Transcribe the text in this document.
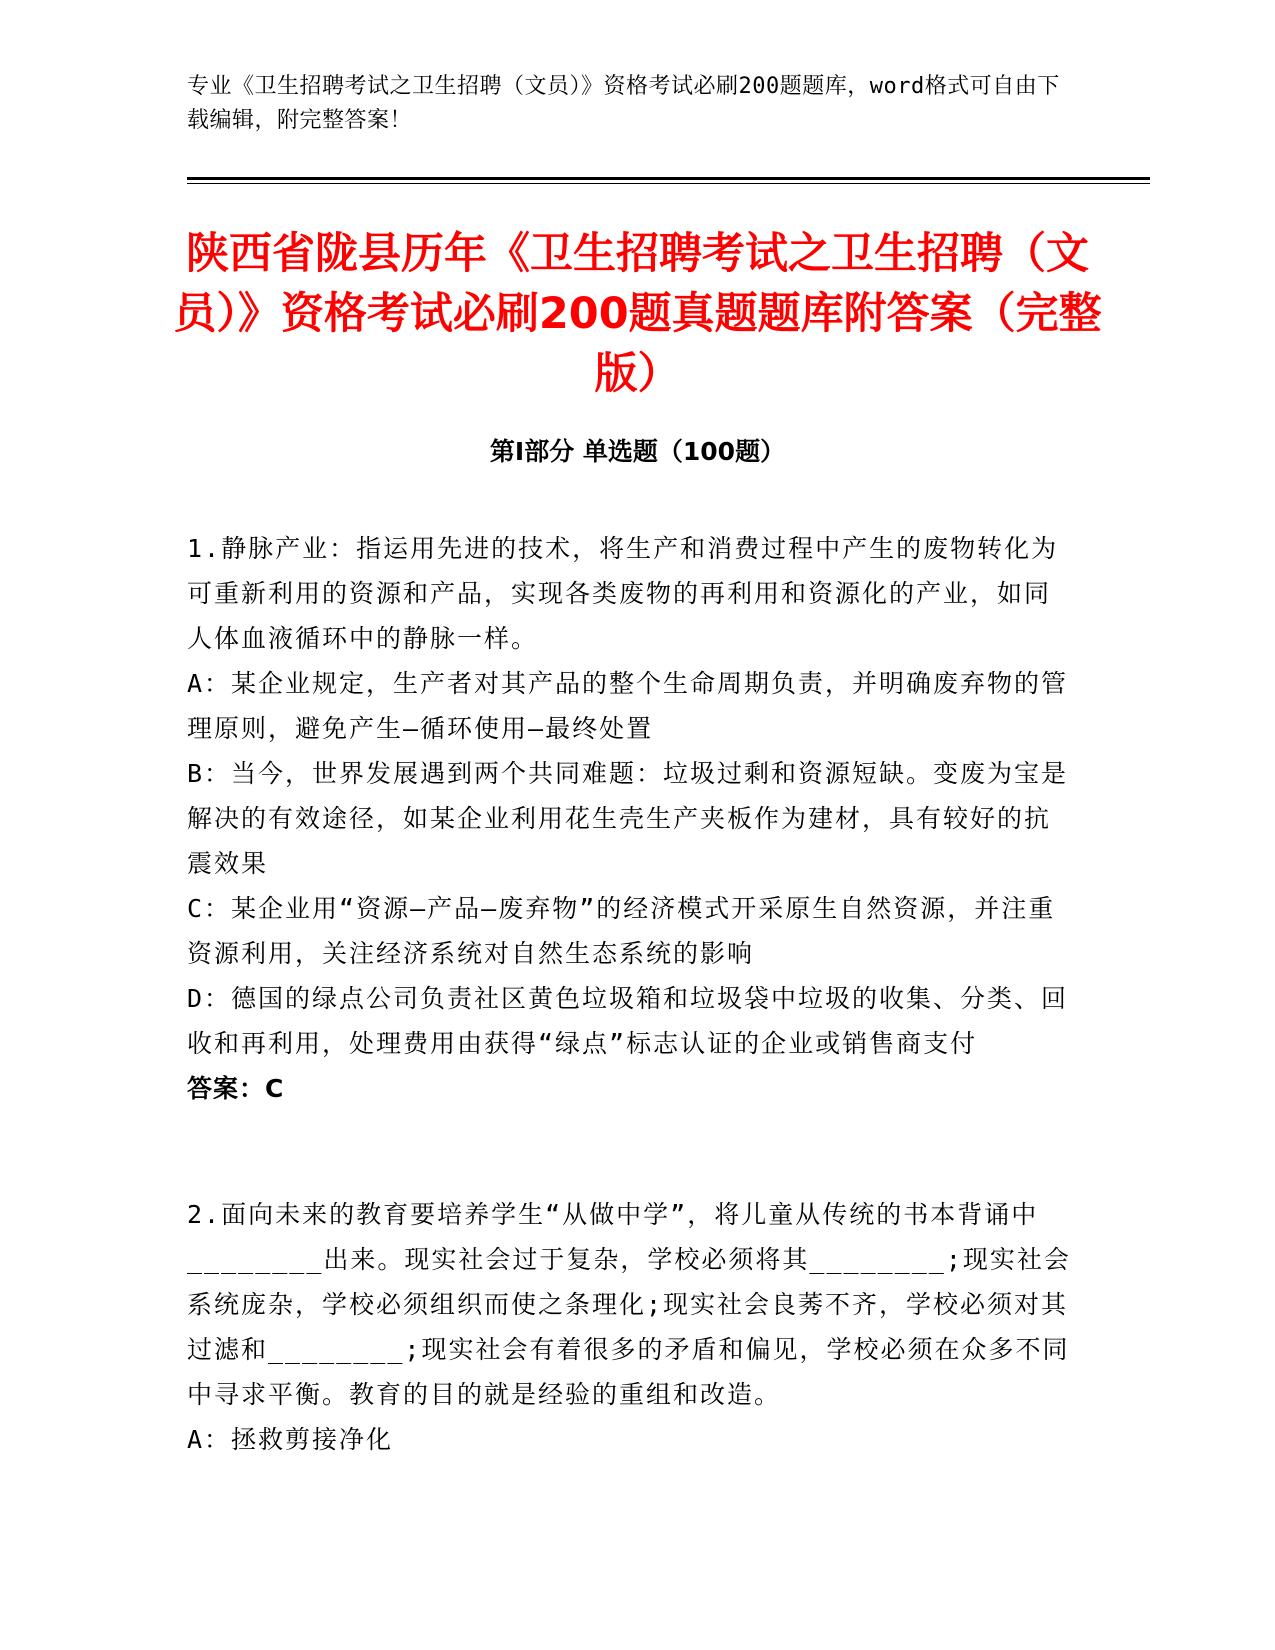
专业《卫生招聘考试之卫生招聘（文员）》资格考试必刷200题题库，word格式可自由下载编辑，附完整答案！
陕西省陇县历年《卫生招聘考试之卫生招聘（文员）》资格考试必刷200题真题题库附答案（完整版）
第Ⅰ部分 单选题（100题）

1.静脉产业：指运用先进的技术，将生产和消费过程中产生的废物转化为可重新利用的资源和产品，实现各类废物的再利用和资源化的产业，如同人体血液循环中的静脉一样。

A：某企业规定，生产者对其产品的整个生命周期负责，并明确废弃物的管理原则，避免产生—循环使用—最终处置

B：当今，世界发展遇到两个共同难题：垃圾过剩和资源短缺。变废为宝是解决的有效途径，如某企业利用花生壳生产夹板作为建材，具有较好的抗震效果

C：某企业用“资源—产品—废弃物”的经济模式开采原生自然资源，并注重资源利用，关注经济系统对自然生态系统的影响

D：德国的绿点公司负责社区黄色垃圾箱和垃圾袋中垃圾的收集、分类、回收和再利用，处理费用由获得“绿点”标志认证的企业或销售商支付

答案：C

2.面向未来的教育要培养学生“从做中学”，将儿童从传统的书本背诵中________出来。现实社会过于复杂，学校必须将其________;现实社会系统庞杂，学校必须组织而使之条理化;现实社会良莠不齐，学校必须对其过滤和________;现实社会有着很多的矛盾和偏见，学校必须在众多不同中寻求平衡。教育的目的就是经验的重组和改造。

A：拯救剪接净化
